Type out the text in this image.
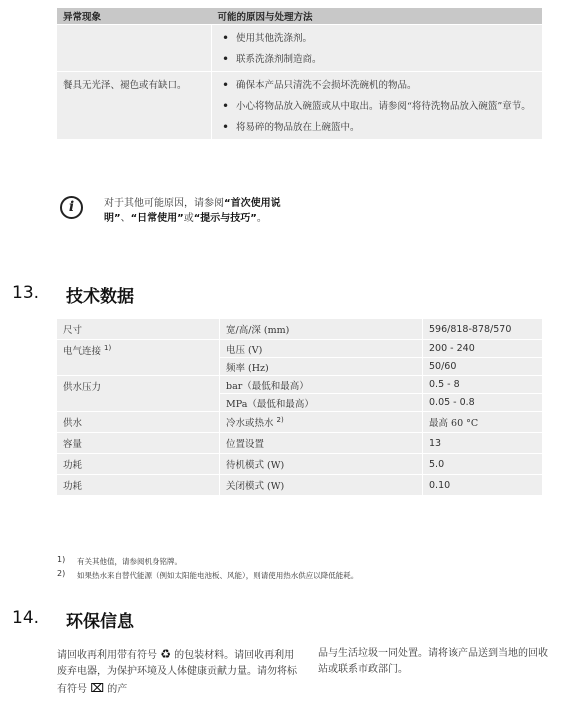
异常现象	可能的原因与处理方法

	• 使用其他洗涤剂。
• 联系洗涤剂制造商。

餐具无光泽、褪色或有缺口。	• 确保本产品只清洗不会损坏洗碗机的物品。
• 小心将物品放入碗篮或从中取出。请参阅“将待洗物品放入碗篮”章节。
• 将易碎的物品放在上碗篮中。
i	对于其他可能原因，请参阅“首次使用说明”、“日常使用”或“提示与技巧”。
13. 技术数据
尺寸	宽/高/深 (mm)	596/818-878/570
电气连接 $^{1)}$	电压 (V)	200 - 240
	频率 (Hz)	50/60
供水压力	bar（最低和最高）	0.5 - 8
	MPa（最低和最高）	0.05 - 0.8
供水	冷水或热水 $^{2)}$	最高 60 °C
容量	位置设置	13
功耗	待机模式 (W)	5.0
功耗	关闭模式 (W)	0.10
1) 有关其他值，请参阅机身铭牌。
2) 如果热水来自替代能源（例如太阳能电池板、风能），则请使用热水供应以降低能耗。
14. 环保信息
请回收再利用带有符号 ♻ 的包装材料。请回收再利用废弃电器，为保护环境及人体健康贡献力量。请勿将标有符号 ⌧ 的产
品与生活垃圾一同处置。请将该产品送到当地的回收站或联系市政部门。
